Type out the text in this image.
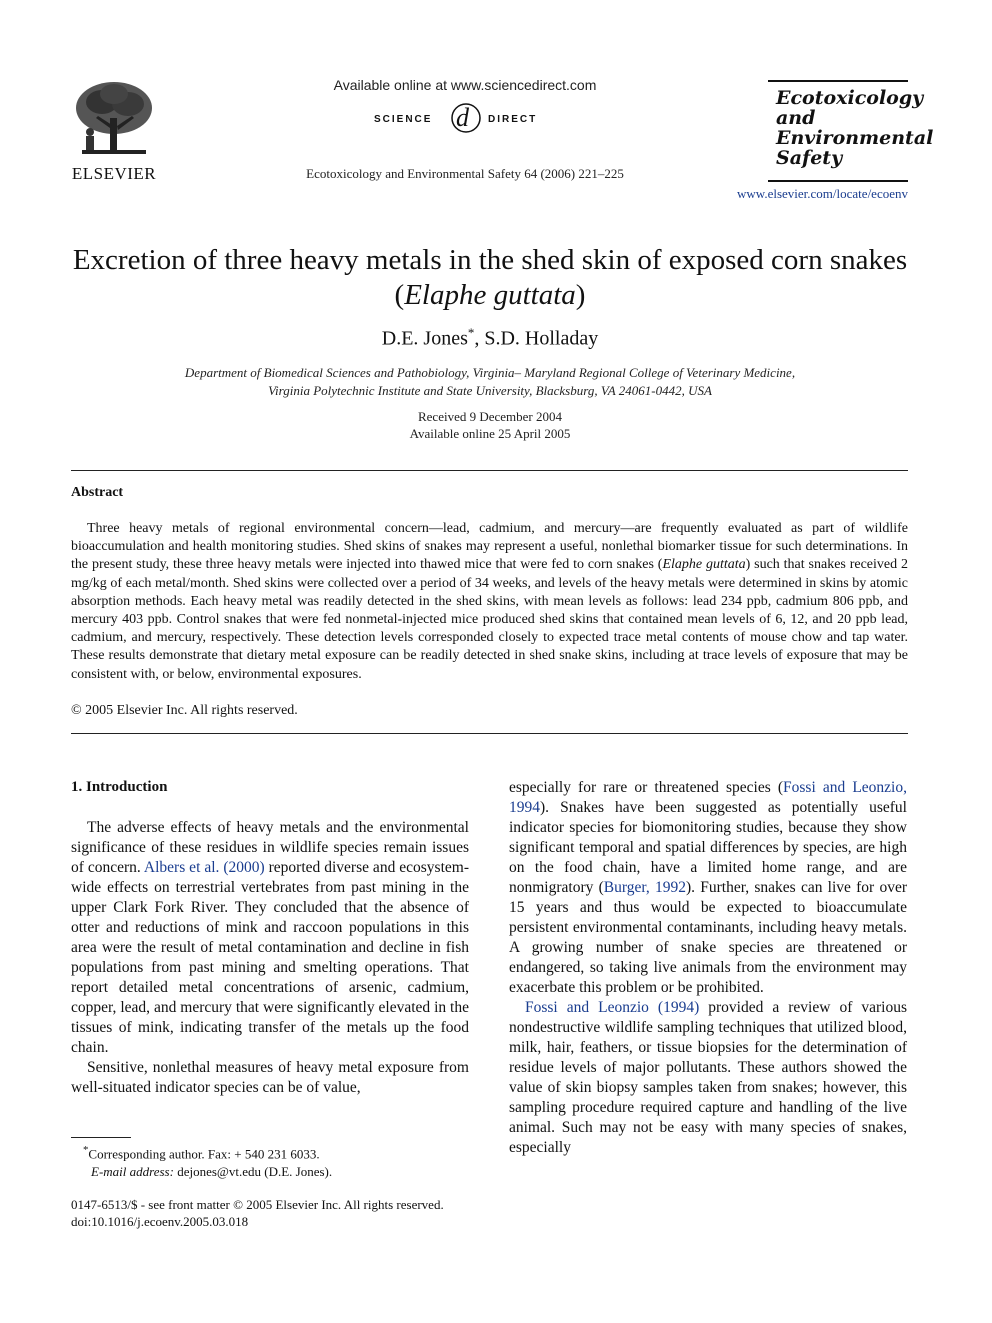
ELSEVIER
Available online at www.sciencedirect.com
SCIENCE d DIRECT
Ecotoxicology and Environmental Safety 64 (2006) 221–225
Ecotoxicology
and
Environmental
Safety
www.elsevier.com/locate/ecoenv
Excretion of three heavy metals in the shed skin of exposed corn snakes (Elaphe guttata)
D.E. Jones*, S.D. Holladay
Department of Biomedical Sciences and Pathobiology, Virginia– Maryland Regional College of Veterinary Medicine,
Virginia Polytechnic Institute and State University, Blacksburg, VA 24061-0442, USA
Received 9 December 2004
Available online 25 April 2005
Abstract
Three heavy metals of regional environmental concern—lead, cadmium, and mercury—are frequently evaluated as part of wildlife bioaccumulation and health monitoring studies. Shed skins of snakes may represent a useful, nonlethal biomarker tissue for such determinations. In the present study, these three heavy metals were injected into thawed mice that were fed to corn snakes (Elaphe guttata) such that snakes received 2 mg/kg of each metal/month. Shed skins were collected over a period of 34 weeks, and levels of the heavy metals were determined in skins by atomic absorption methods. Each heavy metal was readily detected in the shed skins, with mean levels as follows: lead 234 ppb, cadmium 806 ppb, and mercury 403 ppb. Control snakes that were fed nonmetal-injected mice produced shed skins that contained mean levels of 6, 12, and 20 ppb lead, cadmium, and mercury, respectively. These detection levels corresponded closely to expected trace metal contents of mouse chow and tap water. These results demonstrate that dietary metal exposure can be readily detected in shed snake skins, including at trace levels of exposure that may be consistent with, or below, environmental exposures.
© 2005 Elsevier Inc. All rights reserved.
1. Introduction

The adverse effects of heavy metals and the environmental significance of these residues in wildlife species remain issues of concern. Albers et al. (2000) reported diverse and ecosystem-wide effects on terrestrial vertebrates from past mining in the upper Clark Fork River. They concluded that the absence of otter and reductions of mink and raccoon populations in this area were the result of metal contamination and decline in fish populations from past mining and smelting operations. That report detailed metal concentrations of arsenic, cadmium, copper, lead, and mercury that were significantly elevated in the tissues of mink, indicating transfer of the metals up the food chain.

Sensitive, nonlethal measures of heavy metal exposure from well-situated indicator species can be of value,

especially for rare or threatened species (Fossi and Leonzio, 1994). Snakes have been suggested as potentially useful indicator species for biomonitoring studies, because they show significant temporal and spatial differences by species, are high on the food chain, have a limited home range, and are nonmigratory (Burger, 1992). Further, snakes can live for over 15 years and thus would be expected to bioaccumulate persistent environmental contaminants, including heavy metals. A growing number of snake species are threatened or endangered, so taking live animals from the environment may exacerbate this problem or be prohibited.

Fossi and Leonzio (1994) provided a review of various nondestructive wildlife sampling techniques that utilized blood, milk, hair, feathers, or tissue biopsies for the determination of residue levels of major pollutants. These authors showed the value of skin biopsy samples taken from snakes; however, this sampling procedure required capture and handling of the live animal. Such may not be easy with many species of snakes, especially

*Corresponding author. Fax: + 540 231 6033.
E-mail address: dejones@vt.edu (D.E. Jones).
0147-6513/$ - see front matter © 2005 Elsevier Inc. All rights reserved.
doi:10.1016/j.ecoenv.2005.03.018
